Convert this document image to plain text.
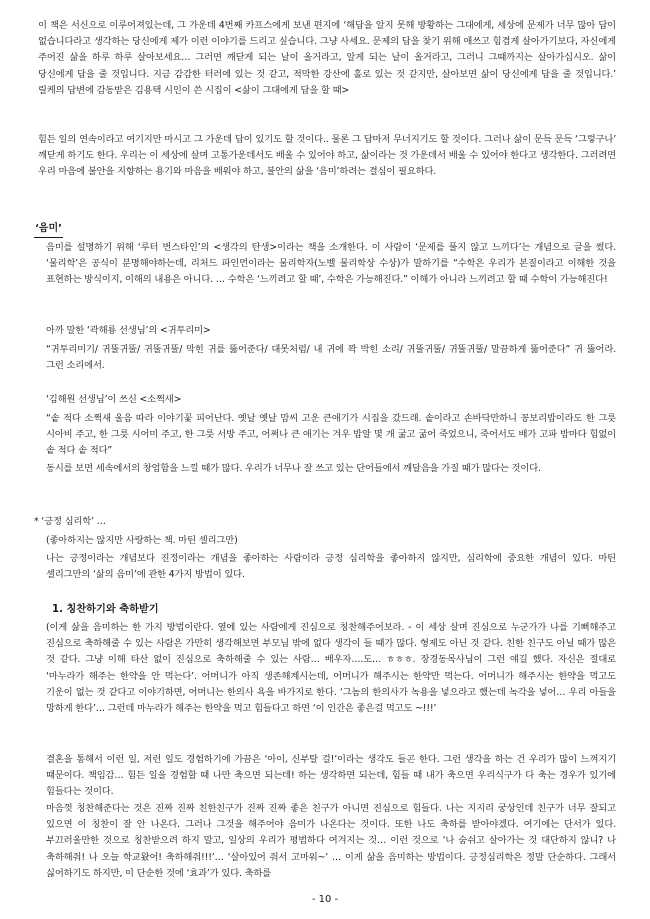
이 책은 서신으로 이루어져있는데, 그 가운데 4번째 카프스에게 보낸 편지에 ‘해답을 알지 못해 방황하는 그대에게, 세상에 문제가 너무 많아 답이 없습니다라고 생각하는 당신에게 제가 이런 이야기를 드리고 싶습니다. 그냥 사세요. 문제의 답을 찾기 위해 애쓰고 힘겹게 살아가기보다, 자신에게 주어진 삶을 하루 하루 살아보세요… 그러면 깨닫게 되는 날이 올거라고, 알게 되는 날이 올거라고, 그러니 그때까지는 살아가십시오. 삶이 당신에게 답을 줄 것입니다. 지금 감감한 터러에 있는 것 같고, 적막한 강산에 홀로 있는 것 같지만, 살아보면 삶이 당신에게 답을 줄 것입니다.’ 릴케의 답변에 감동받은 김용택 시인이 쓴 시집이 <삶이 그대에게 답을 할 때>
힘든 일의 연속이라고 여기지만 마시고 그 가운데 답이 있기도 할 것이다.. 물론 그 답마저 무너지기도 할 것이다. 그러나 삶이 문득 문득 ‘그렇구나’ 깨닫게 하기도 한다. 우리는 이 세상에 살며 고통가운데서도 배울 수 있어야 하고, 삶이라는 것 가운데서 배울 수 있어야 한다고 생각한다. 그러려면 우리 마음에 불안을 지향하는 용기와 마음을 배워야 하고, 불안의 삶을 ‘음미’하려는 결심이 필요하다.
‘음미’
음미를 설명하기 위해 ‘루터 번스타인’의 <생각의 탄생>이라는 책을 소개한다. 이 사람이 ‘문제를 풀지 않고 느끼다’는 개념으로 글을 썼다. ‘물리학’은 공식이 분명해야하는데, 리처드 파인먼이라는 물리학자(노벨 물리학상 수상)가 말하기를 “수학은 우리가 본질이라고 이해한 것을 표현하는 방식이지, 이해의 내용은 아니다. … 수학은 ‘느끼려고 할 때’, 수학은 가능해진다.” 이해가 아니라 느끼려고 할 때 수학이 가능해진다!
아까 말한 ‘곽해룡 선생님’의 <귀투리미>
“귀투리미기/ 귀뚤귀뚤/ 귀뚤귀뚤/ 막힌 귀를 뚫어준다/ 대못처럼/ 내 귀에 꽉 박힌 소리/ 귀뚤귀뚤/ 귀뚤귀뚤/ 말끔하게 뚫어준다” 귀 뚫어라. 그런 소리에서.
‘김해원 선생님’이 쓰신 <소쩍새>
“솥 적다 소쩍새 울음 따라 이야기꽃 피어난다. 옛날 옛날 맘씨 고운 큰애기가 시집을 갔드래. 솥이라고 손바닥만하니 꽁보리밥이라도 한 그릇 시아비 주고, 한 그릇 시어미 주고, 한 그릇 서방 주고, 어쩌나 큰 애기는 겨우 밥알 몇 개 굶고 굶어 죽었으니, 죽어서도 배가 고파 밤마다 힘없이 솥 적다 솥 적다”
동시를 보면 세속에서의 창엄함을 느낄 때가 많다. 우리가 너무나 잘 쓰고 있는 단어들에서 깨달음을 가질 때가 많다는 것이다.
* ‘긍정 심리학’ …
(좋아하지는 않지만 사랑하는 책. 마틴 셀리그만)
나는 긍정이라는 개념보다 진정이라는 개념을 좋아하는 사람이라 긍정 심리학을 좋아하지 않지만, 심리학에 중요한 개념이 있다. 마틴 셀리그만의 ‘삶의 음미’에 관한 4가지 방법이 있다.
1. 칭찬하기와 축하받기
(이게 삶을 음미하는 한 가지 방법이란다. 옆에 있는 사람에게 진심으로 칭찬해주어보라. - 이 세상 살며 진심으로 누군가가 나를 기뻐해주고 진심으로 축하해줄 수 있는 사람은 가만히 생각해보면 부모님 밖에 없다 생각이 들 때가 많다. 형제도 아닌 것 같다. 친한 친구도 아닐 때가 많은 것 같다. 그냥 이해 타산 없이 진심으로 축하해줄 수 있는 사람… 배우자….도… ㅎㅎㅎ. 장경동목사님이 그런 얘길 했다. 자신은 절대로 ‘마누라가 해주는 한약을 안 먹는다’. 어머니가 아직 생존해계시는데, 어머니가 해주시는 한약만 먹는다. 어머니가 해주시는 한약을 먹고도 기운이 없는 것 같다고 이야기하면, 어머니는 한의사 욕을 바가지로 한다. ‘그놈의 한의사가 녹용을 넣으라고 했는데 녹각을 넣어… 우리 아들을 망하게 한다’… 그런데 마누라가 해주는 한약을 먹고 힘들다고 하면 ‘이 인간은 좋은걸 먹고도 ~!!!’
결혼을 통해서 이런 일, 저런 일도 경험하기에 가끔은 ‘아이, 신부탈 걸!’이라는 생각도 들곤 한다. 그런 생각을 하는 건 우리가 많이 느껴지기 때문이다. 책임감… 힘든 일을 경험할 때 나만 축으면 되는데! 하는 생각하면 되는데, 힘들 때 내가 축으면 우리식구가 다 축는 경우가 있기에 힘들다는 것이다.
마음껏 칭찬해준다는 것은 진짜 진짜 친한친구가 진짜 진짜 좋은 친구가 아니면 진심으로 힘들다. 나는 지지리 궁상인데 친구가 너무 잘되고 있으면 이 칭찬이 잘 안 나온다. 그러나 그것을 해주어야 음미가 나온다는 것이다. 또한 나도 축하를 받아야겠다. 여기에는 단서가 있다. 부끄러울만한 것으로 칭찬받으려 하지 말고, 일상의 우리가 평범하다 여겨지는 것… 이런 것으로 ‘나 숨쉬고 살아가는 것 대단하지 않니? 나 축하해줘! 나 오늘 학교왔어! 축하해줘!!!’… ‘살아있어 줘서 고마워~’ … 이게 삶을 음미하는 방법이다. 긍정심리학은 정말 단순하다. 그래서 싫어하기도 하지만, 이 단순한 것에 ‘효과’가 있다. 축하를
- 10 -
